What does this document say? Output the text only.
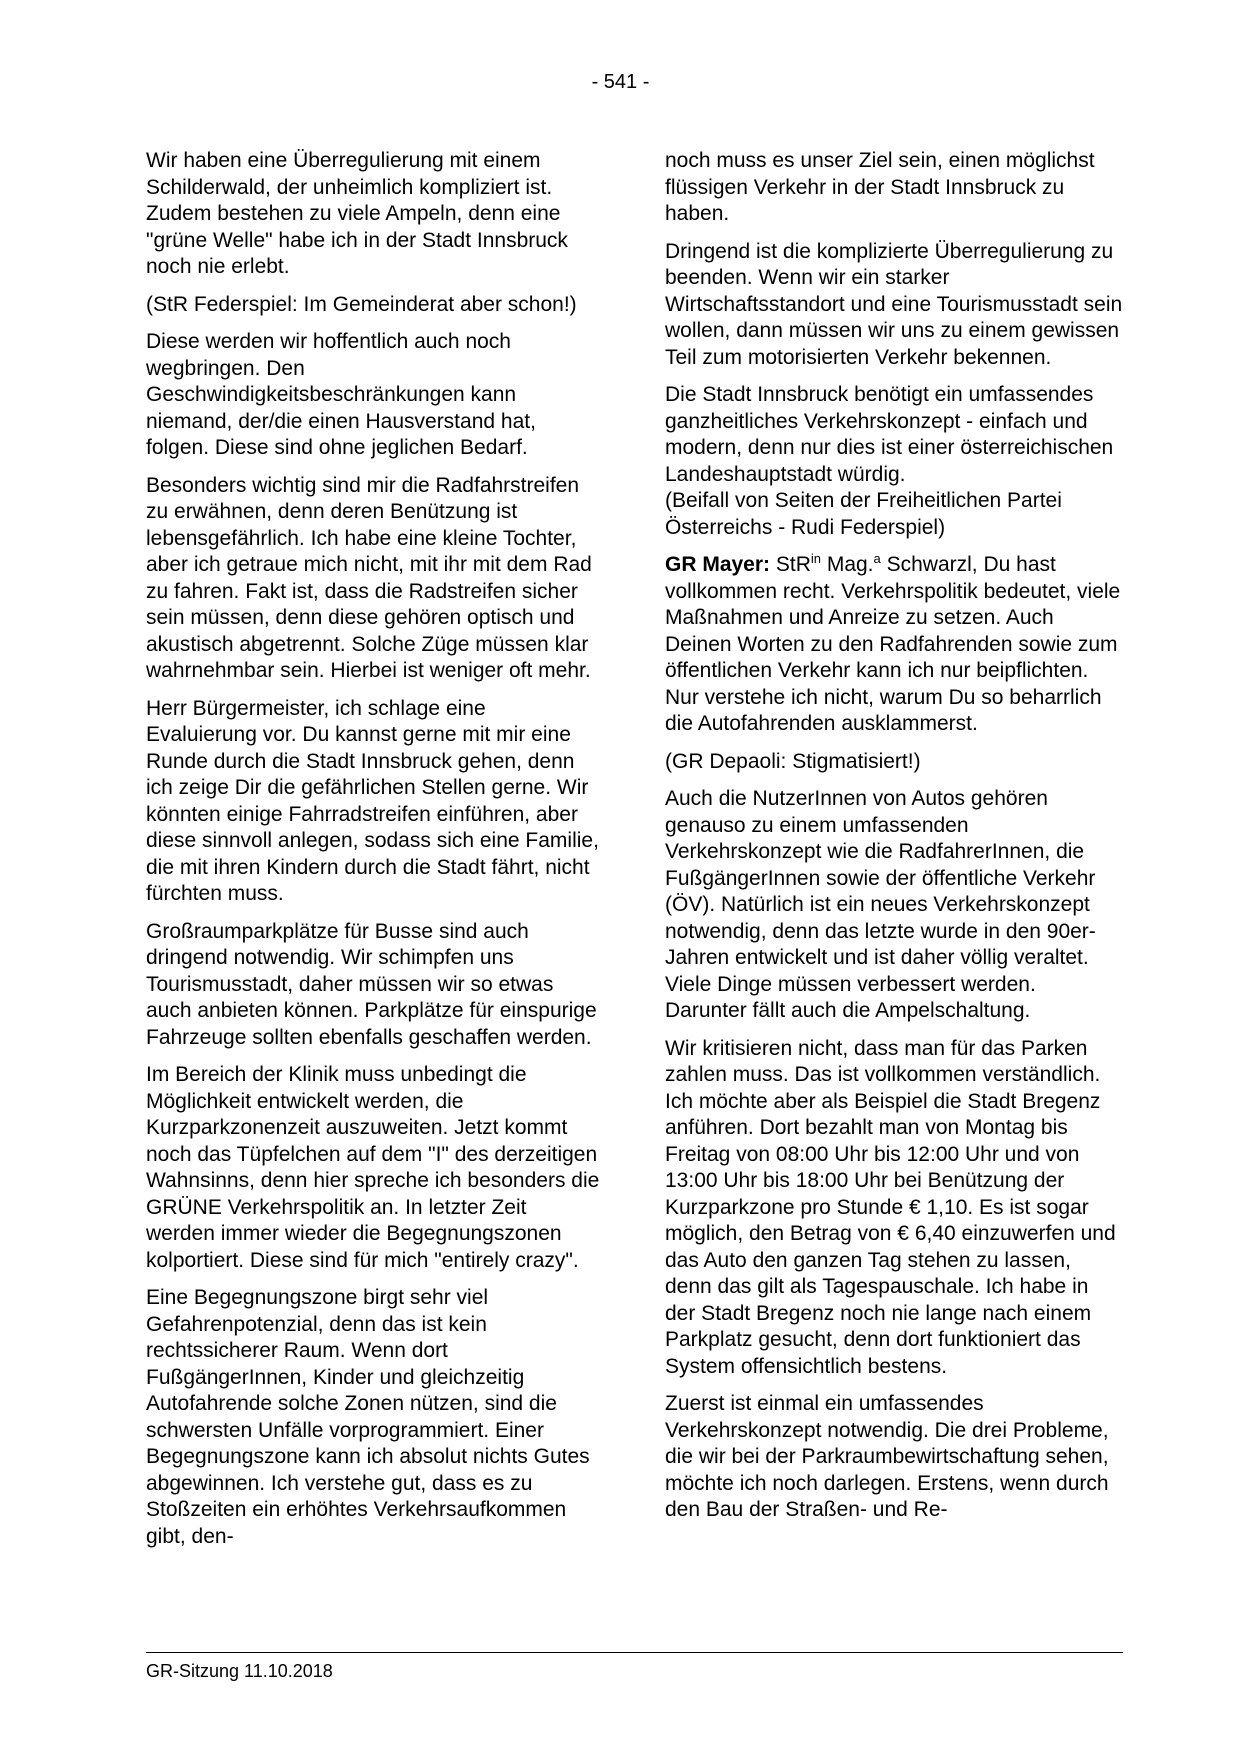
- 541 -

Wir haben eine Überregulierung mit einem Schilderwald, der unheimlich kompliziert ist. Zudem bestehen zu viele Ampeln, denn eine "grüne Welle" habe ich in der Stadt Innsbruck noch nie erlebt.

(StR Federspiel: Im Gemeinderat aber schon!)

Diese werden wir hoffentlich auch noch wegbringen. Den Geschwindigkeitsbeschränkungen kann niemand, der/die einen Hausverstand hat, folgen. Diese sind ohne jeglichen Bedarf.

Besonders wichtig sind mir die Radfahrstreifen zu erwähnen, denn deren Benützung ist lebensgefährlich. Ich habe eine kleine Tochter, aber ich getraue mich nicht, mit ihr mit dem Rad zu fahren. Fakt ist, dass die Radstreifen sicher sein müssen, denn diese gehören optisch und akustisch abgetrennt. Solche Züge müssen klar wahrnehmbar sein. Hierbei ist weniger oft mehr.

Herr Bürgermeister, ich schlage eine Evaluierung vor. Du kannst gerne mit mir eine Runde durch die Stadt Innsbruck gehen, denn ich zeige Dir die gefährlichen Stellen gerne. Wir könnten einige Fahrradstreifen einführen, aber diese sinnvoll anlegen, sodass sich eine Familie, die mit ihren Kindern durch die Stadt fährt, nicht fürchten muss.

Großraumparkplätze für Busse sind auch dringend notwendig. Wir schimpfen uns Tourismusstadt, daher müssen wir so etwas auch anbieten können. Parkplätze für einspurige Fahrzeuge sollten ebenfalls geschaffen werden.

Im Bereich der Klinik muss unbedingt die Möglichkeit entwickelt werden, die Kurzparkzonenzeit auszuweiten. Jetzt kommt noch das Tüpfelchen auf dem "I" des derzeitigen Wahnsinns, denn hier spreche ich besonders die GRÜNE Verkehrspolitik an. In letzter Zeit werden immer wieder die Begegnungszonen kolportiert. Diese sind für mich "entirely crazy".

Eine Begegnungszone birgt sehr viel Gefahrenpotenzial, denn das ist kein rechtssicherer Raum. Wenn dort FußgängerInnen, Kinder und gleichzeitig Autofahrende solche Zonen nützen, sind die schwersten Unfälle vorprogrammiert. Einer Begegnungszone kann ich absolut nichts Gutes abgewinnen. Ich verstehe gut, dass es zu Stoßzeiten ein erhöhtes Verkehrsaufkommen gibt, den-

noch muss es unser Ziel sein, einen möglichst flüssigen Verkehr in der Stadt Innsbruck zu haben.

Dringend ist die komplizierte Überregulierung zu beenden. Wenn wir ein starker Wirtschaftsstandort und eine Tourismusstadt sein wollen, dann müssen wir uns zu einem gewissen Teil zum motorisierten Verkehr bekennen.

Die Stadt Innsbruck benötigt ein umfassendes ganzheitliches Verkehrskonzept - einfach und modern, denn nur dies ist einer österreichischen Landeshauptstadt würdig.

(Beifall von Seiten der Freiheitlichen Partei Österreichs - Rudi Federspiel)

GR Mayer: StR$^{in}$ Mag.$^a$ Schwarzl, Du hast vollkommen recht. Verkehrspolitik bedeutet, viele Maßnahmen und Anreize zu setzen. Auch Deinen Worten zu den Radfahrenden sowie zum öffentlichen Verkehr kann ich nur beipflichten. Nur verstehe ich nicht, warum Du so beharrlich die Autofahrenden ausklammerst.

(GR Depaoli: Stigmatisiert!)

Auch die NutzerInnen von Autos gehören genauso zu einem umfassenden Verkehrskonzept wie die RadfahrerInnen, die FußgängerInnen sowie der öffentliche Verkehr (ÖV). Natürlich ist ein neues Verkehrskonzept notwendig, denn das letzte wurde in den 90er-Jahren entwickelt und ist daher völlig veraltet. Viele Dinge müssen verbessert werden. Darunter fällt auch die Ampelschaltung.

Wir kritisieren nicht, dass man für das Parken zahlen muss. Das ist vollkommen verständlich. Ich möchte aber als Beispiel die Stadt Bregenz anführen. Dort bezahlt man von Montag bis Freitag von 08:00 Uhr bis 12:00 Uhr und von 13:00 Uhr bis 18:00 Uhr bei Benützung der Kurzparkzone pro Stunde € 1,10. Es ist sogar möglich, den Betrag von € 6,40 einzuwerfen und das Auto den ganzen Tag stehen zu lassen, denn das gilt als Tagespauschale. Ich habe in der Stadt Bregenz noch nie lange nach einem Parkplatz gesucht, denn dort funktioniert das System offensichtlich bestens.

Zuerst ist einmal ein umfassendes Verkehrskonzept notwendig. Die drei Probleme, die wir bei der Parkraumbewirtschaftung sehen, möchte ich noch darlegen. Erstens, wenn durch den Bau der Straßen- und Re-

GR-Sitzung 11.10.2018
